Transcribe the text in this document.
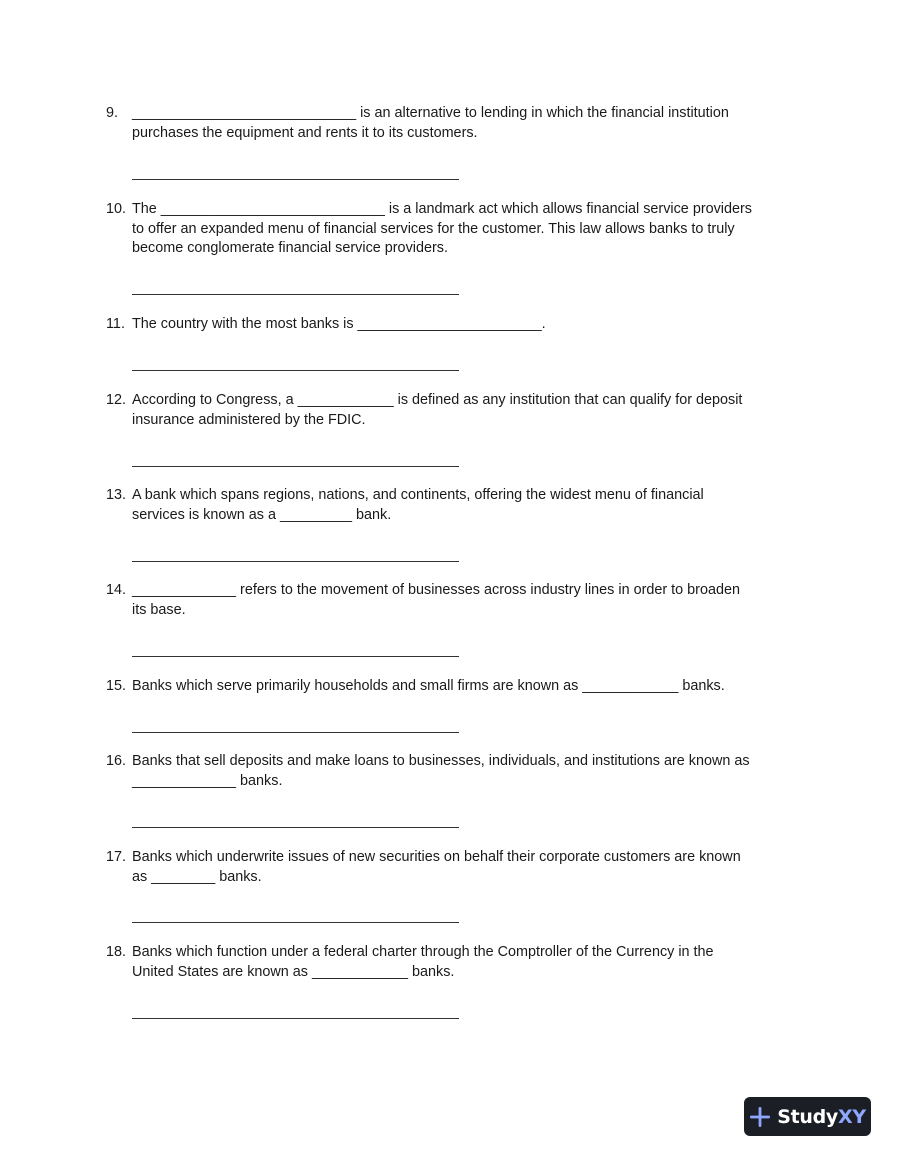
9. ____________________________ is an alternative to lending in which the financial institution
purchases the equipment and rents it to its customers.
10. The ____________________________ is a landmark act which allows financial service providers
to offer an expanded menu of financial services for the customer. This law allows banks to truly
become conglomerate financial service providers.
11. The country with the most banks is _______________________.
12. According to Congress, a ____________ is defined as any institution that can qualify for deposit
insurance administered by the FDIC.
13. A bank which spans regions, nations, and continents, offering the widest menu of financial
services is known as a _________ bank.
14. _____________ refers to the movement of businesses across industry lines in order to broaden
its base.
15. Banks which serve primarily households and small firms are known as ____________ banks.
16. Banks that sell deposits and make loans to businesses, individuals, and institutions are known as
_____________ banks.
17. Banks which underwrite issues of new securities on behalf their corporate customers are known
as ________ banks.
18. Banks which function under a federal charter through the Comptroller of the Currency in the
United States are known as ____________ banks.
StudyXY
